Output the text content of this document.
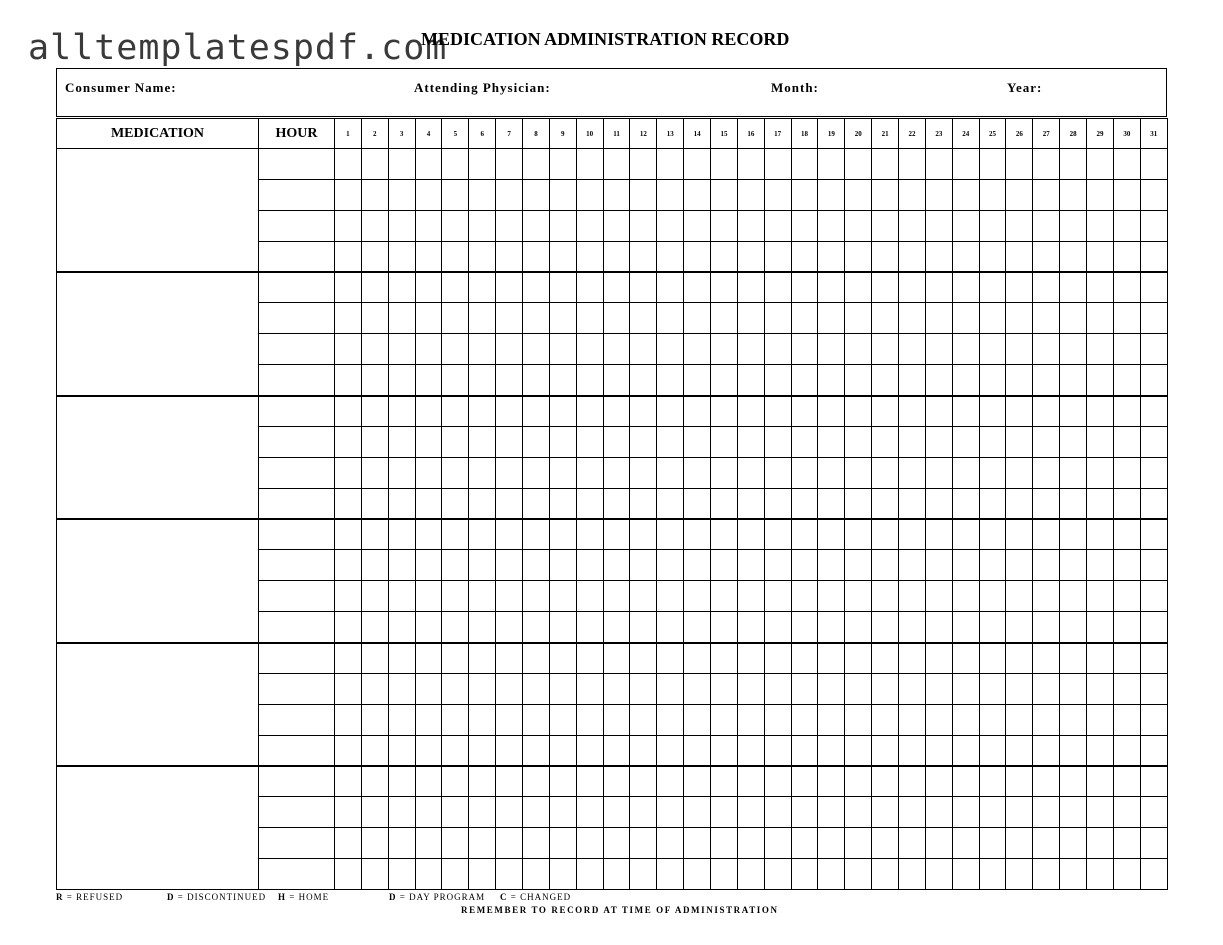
alltemplatespdf.com
MEDICATION ADMINISTRATION RECORD
Consumer Name:	Attending Physician:	Month:	Year:
MEDICATION	HOUR	1	2	3	4	5	6	7	8	9	10	11	12	13	14	15	16	17	18	19	20	21	22	23	24	25	26	27	28	29	30	31

R = REFUSED	D = DISCONTINUED H = HOME	D = DAY PROGRAM C = CHANGED
REMEMBER TO RECORD AT TIME OF ADMINISTRATION
